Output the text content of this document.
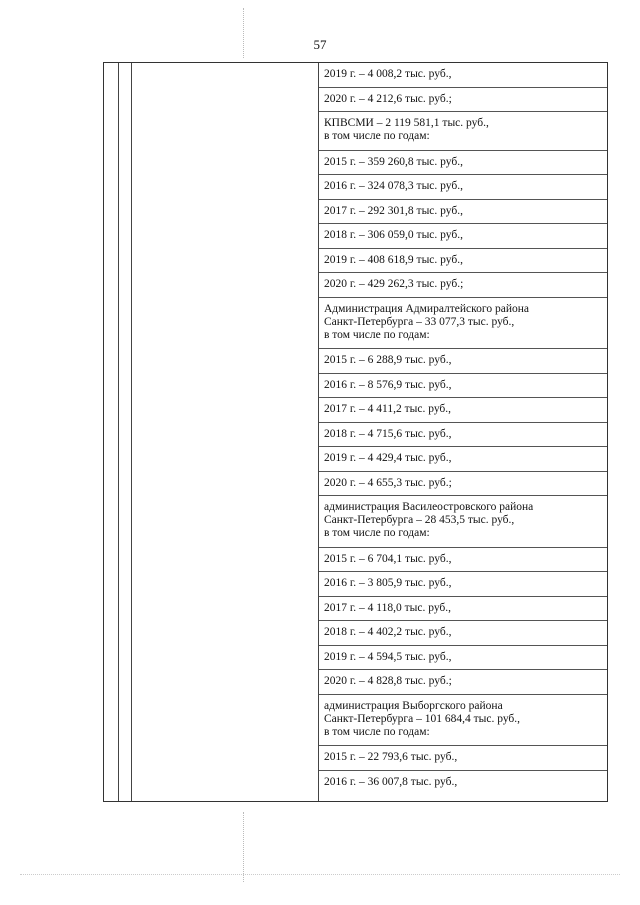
57
2019 г. – 4 008,2 тыс. руб.,
2020 г. – 4 212,6 тыс. руб.;
КПВСМИ – 2 119 581,1 тыс. руб.,
в том числе по годам:
2015 г. – 359 260,8 тыс. руб.,
2016 г. – 324 078,3 тыс. руб.,
2017 г. – 292 301,8 тыс. руб.,
2018 г. – 306 059,0 тыс. руб.,
2019 г. – 408 618,9 тыс. руб.,
2020 г. – 429 262,3 тыс. руб.;
Администрация Адмиралтейского района
Санкт-Петербурга – 33 077,3 тыс. руб.,
в том числе по годам:
2015 г. – 6 288,9 тыс. руб.,
2016 г. – 8 576,9 тыс. руб.,
2017 г. – 4 411,2 тыс. руб.,
2018 г. – 4 715,6 тыс. руб.,
2019 г. – 4 429,4 тыс. руб.,
2020 г. – 4 655,3 тыс. руб.;
администрация Василеостровского района
Санкт-Петербурга – 28 453,5 тыс. руб.,
в том числе по годам:
2015 г. – 6 704,1 тыс. руб.,
2016 г. – 3 805,9 тыс. руб.,
2017 г. – 4 118,0 тыс. руб.,
2018 г. – 4 402,2 тыс. руб.,
2019 г. – 4 594,5 тыс. руб.,
2020 г. – 4 828,8 тыс. руб.;
администрация Выборгского района
Санкт-Петербурга – 101 684,4 тыс. руб.,
в том числе по годам:
2015 г. – 22 793,6 тыс. руб.,
2016 г. – 36 007,8 тыс. руб.,
